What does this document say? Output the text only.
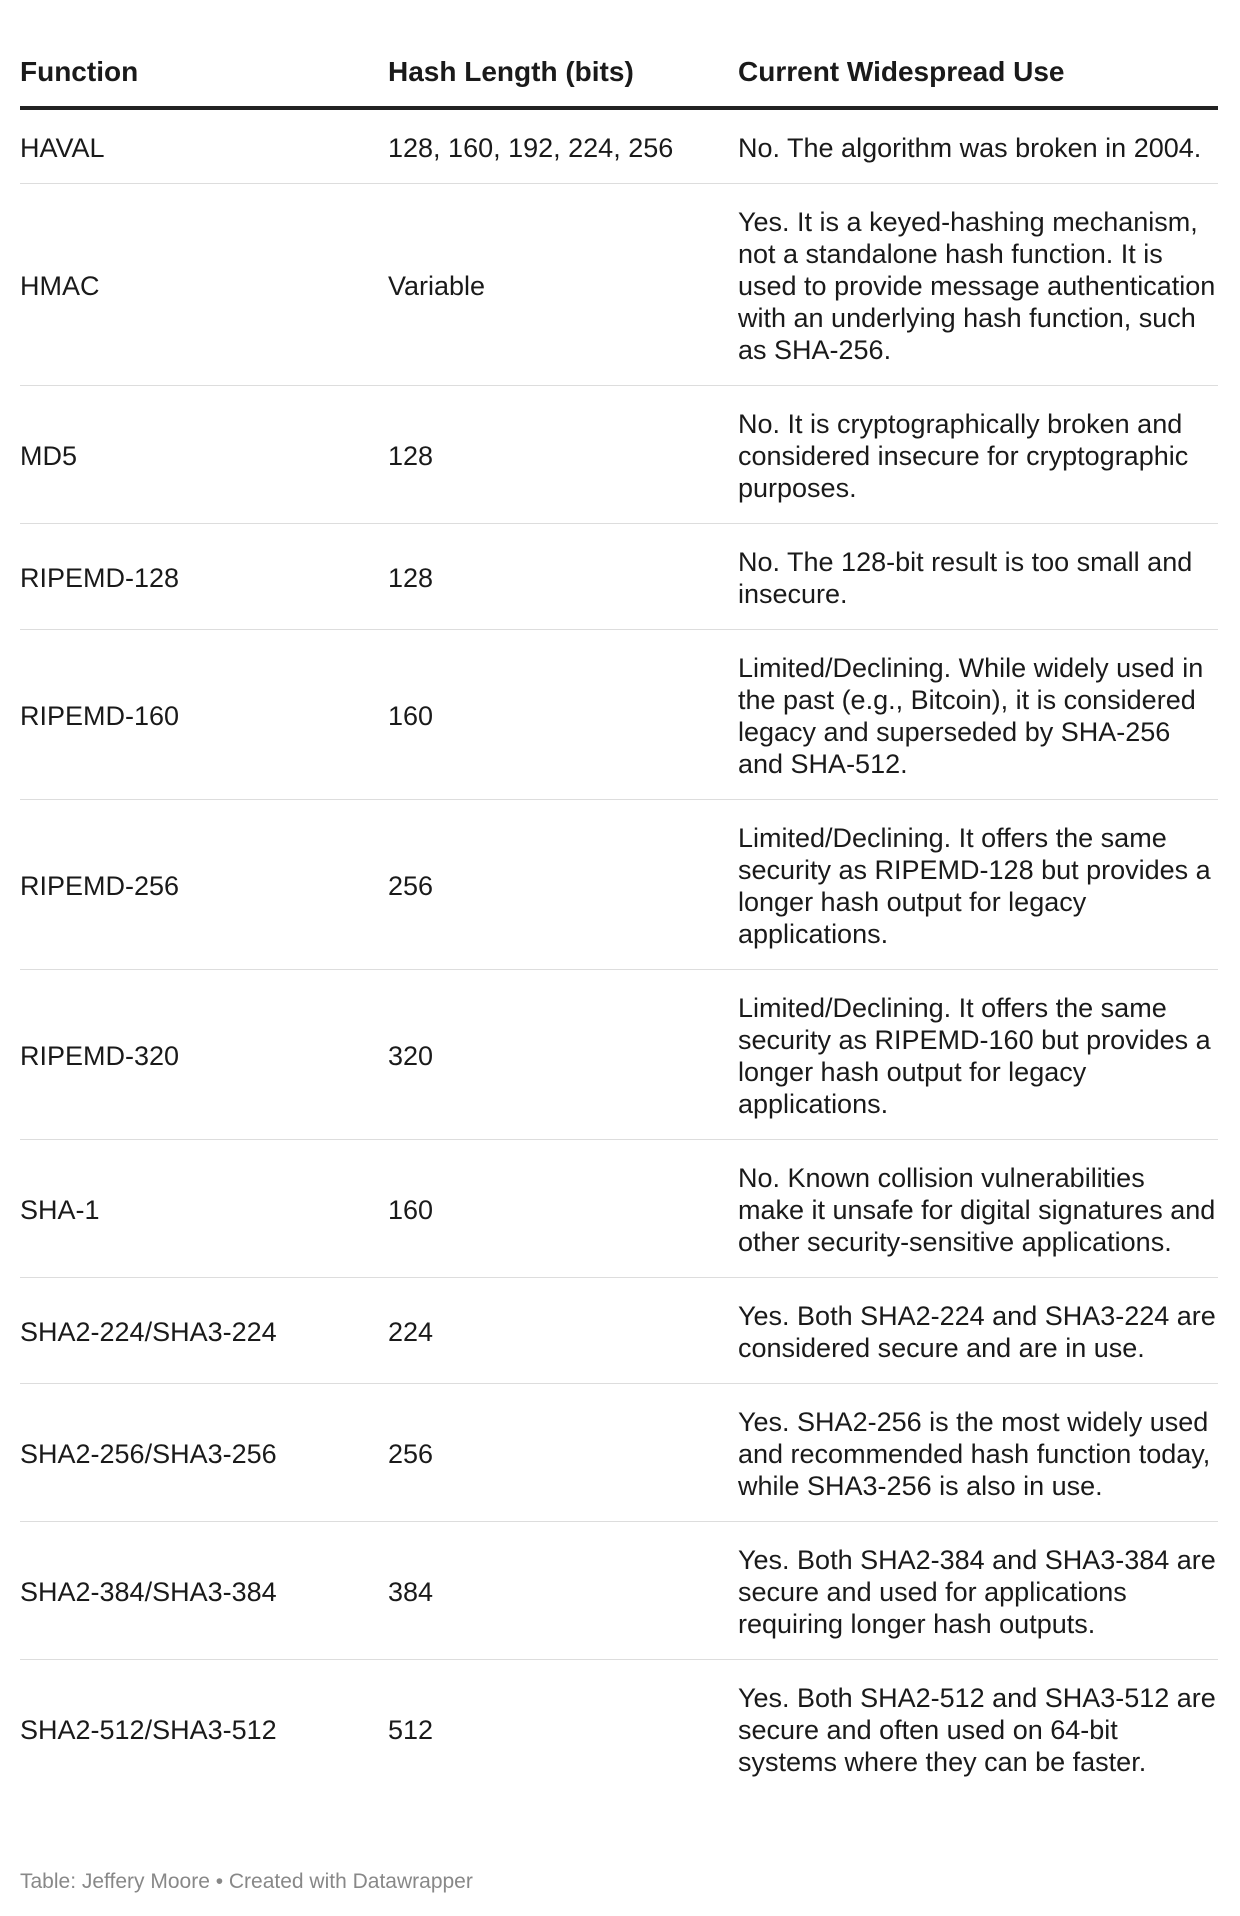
Function	Hash Length (bits)	Current Widespread Use
HAVAL	128, 160, 192, 224, 256	No. The algorithm was broken in 2004.
HMAC	Variable	Yes. It is a keyed-hashing mechanism, not a standalone hash function. It is used to provide message authentication with an underlying hash function, such as SHA-256.
MD5	128	No. It is cryptographically broken and considered insecure for cryptographic purposes.
RIPEMD-128	128	No. The 128-bit result is too small and insecure.
RIPEMD-160	160	Limited/Declining. While widely used in the past (e.g., Bitcoin), it is considered legacy and superseded by SHA-256 and SHA-512.
RIPEMD-256	256	Limited/Declining. It offers the same security as RIPEMD-128 but provides a longer hash output for legacy applications.
RIPEMD-320	320	Limited/Declining. It offers the same security as RIPEMD-160 but provides a longer hash output for legacy applications.
SHA-1	160	No. Known collision vulnerabilities make it unsafe for digital signatures and other security-sensitive applications.
SHA2-224/SHA3-224	224	Yes. Both SHA2-224 and SHA3-224 are considered secure and are in use.
SHA2-256/SHA3-256	256	Yes. SHA2-256 is the most widely used and recommended hash function today, while SHA3-256 is also in use.
SHA2-384/SHA3-384	384	Yes. Both SHA2-384 and SHA3-384 are secure and used for applications requiring longer hash outputs.
SHA2-512/SHA3-512	512	Yes. Both SHA2-512 and SHA3-512 are secure and often used on 64-bit systems where they can be faster.
Table: Jeffery Moore • Created with Datawrapper
